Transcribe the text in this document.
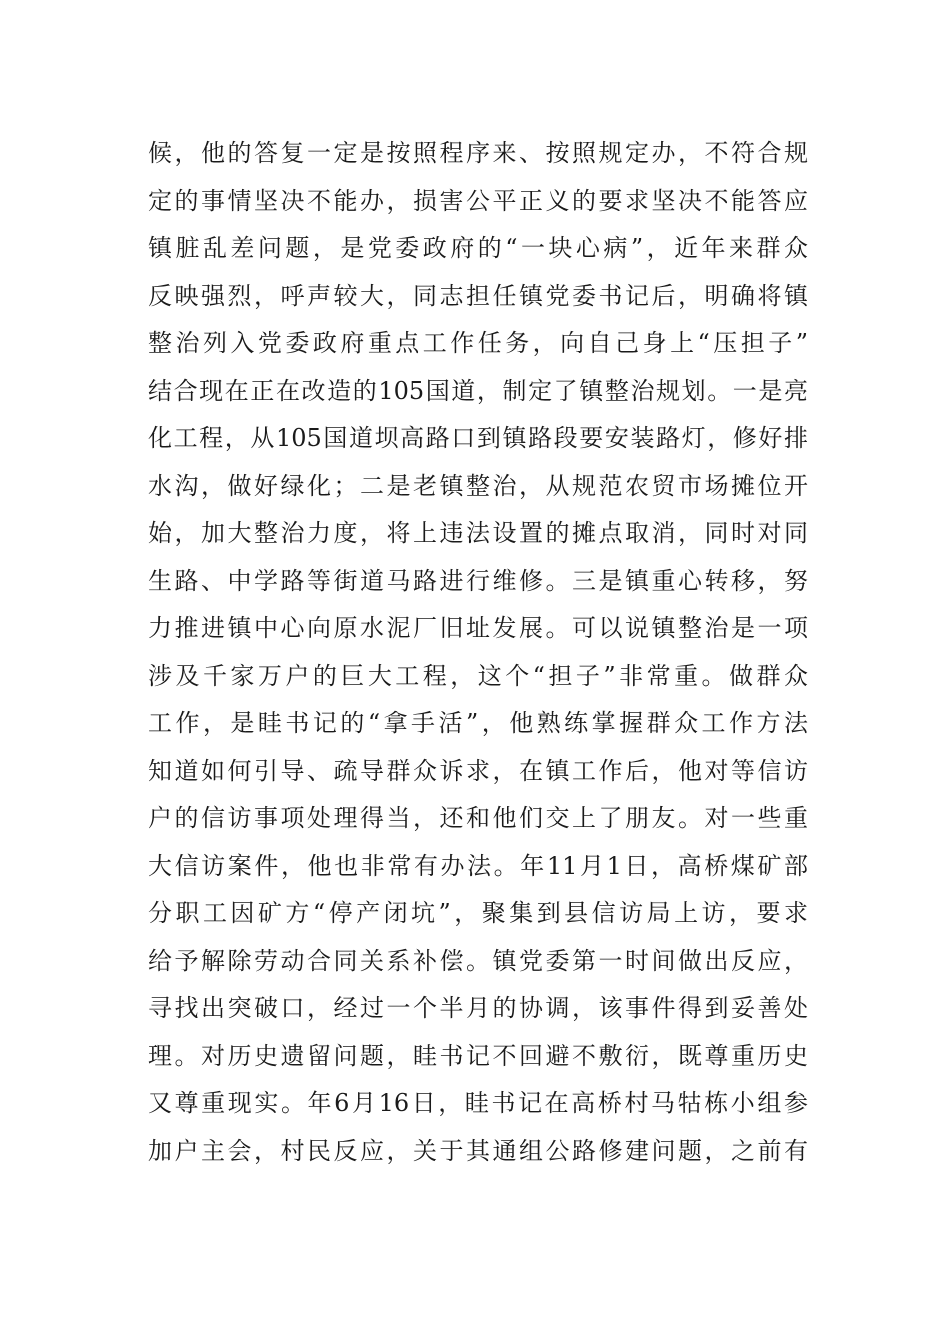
候，他的答复一定是按照程序来、按照规定办，不符合规
定的事情坚决不能办，损害公平正义的要求坚决不能答应
镇脏乱差问题，是党委政府的“一块心病”，近年来群众
反映强烈，呼声较大，同志担任镇党委书记后，明确将镇
整治列入党委政府重点工作任务，向自己身上“压担子”
结合现在正在改造的105国道，制定了镇整治规划。一是亮
化工程，从105国道坝高路口到镇路段要安装路灯，修好排
水沟，做好绿化；二是老镇整治，从规范农贸市场摊位开
始，加大整治力度，将上违法设置的摊点取消，同时对同
生路、中学路等街道马路进行维修。三是镇重心转移，努
力推进镇中心向原水泥厂旧址发展。可以说镇整治是一项
涉及千家万户的巨大工程，这个“担子”非常重。做群众
工作，是眭书记的“拿手活”，他熟练掌握群众工作方法
知道如何引导、疏导群众诉求，在镇工作后，他对等信访
户的信访事项处理得当，还和他们交上了朋友。对一些重
大信访案件，他也非常有办法。年11月1日，高桥煤矿部
分职工因矿方“停产闭坑”，聚集到县信访局上访，要求
给予解除劳动合同关系补偿。镇党委第一时间做出反应，
寻找出突破口，经过一个半月的协调，该事件得到妥善处
理。对历史遗留问题，眭书记不回避不敷衍，既尊重历史
又尊重现实。年6月16日，眭书记在高桥村马牯栋小组参
加户主会，村民反应，关于其通组公路修建问题，之前有
